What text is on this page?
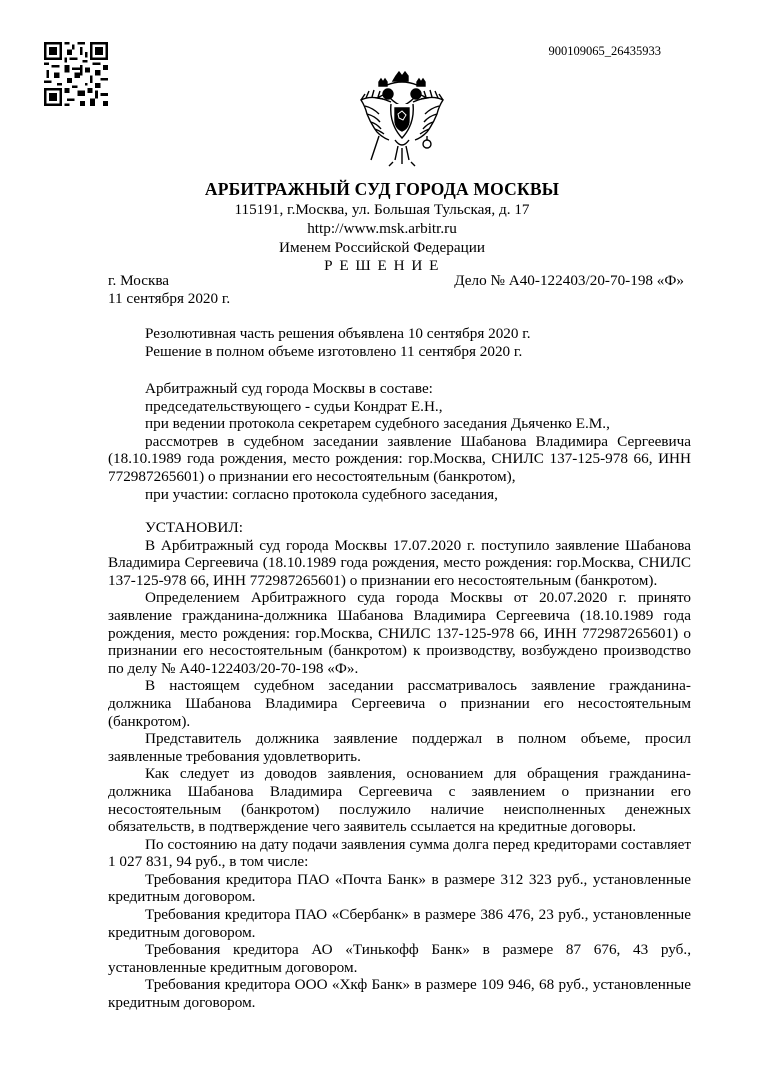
900109065_26435933
АРБИТРАЖНЫЙ СУД ГОРОДА МОСКВЫ
115191, г.Москва, ул. Большая Тульская, д. 17
http://www.msk.arbitr.ru
Именем Российской Федерации
Р Е Ш Е Н И Е
г. Москва	Дело № А40-122403/20-70-198 «Ф»
11 сентября 2020 г.

Резолютивная часть решения объявлена 10 сентября 2020 г.

Решение в полном объеме изготовлено 11 сентября 2020 г.

Арбитражный суд города Москвы в составе:

председательствующего - судьи Кондрат Е.Н.,

при ведении протокола секретарем судебного заседания Дьяченко Е.М.,

рассмотрев в судебном заседании заявление Шабанова Владимира Сергеевича (18.10.1989 года рождения, место рождения: гор.Москва, СНИЛС 137-125-978 66, ИНН 772987265601) о признании его несостоятельным (банкротом),

при участии: согласно протокола судебного заседания,

УСТАНОВИЛ:

В Арбитражный суд города Москвы 17.07.2020 г. поступило заявление Шабанова Владимира Сергеевича (18.10.1989 года рождения, место рождения: гор.Москва, СНИЛС 137-125-978 66, ИНН 772987265601) о признании его несостоятельным (банкротом).

Определением Арбитражного суда города Москвы от 20.07.2020 г. принято заявление гражданина-должника Шабанова Владимира Сергеевича (18.10.1989 года рождения, место рождения: гор.Москва, СНИЛС 137-125-978 66, ИНН 772987265601) о признании его несостоятельным (банкротом) к производству, возбуждено производство по делу № А40-122403/20-70-198 «Ф».

В настоящем судебном заседании рассматривалось заявление гражданина-должника Шабанова Владимира Сергеевича о признании его несостоятельным (банкротом).

Представитель должника заявление поддержал в полном объеме, просил заявленные требования удовлетворить.

Как следует из доводов заявления, основанием для обращения гражданина-должника Шабанова Владимира Сергеевича с заявлением о признании его несостоятельным (банкротом) послужило наличие неисполненных денежных обязательств, в подтверждение чего заявитель ссылается на кредитные договоры.

По состоянию на дату подачи заявления сумма долга перед кредиторами составляет 1 027 831, 94 руб., в том числе:

Требования кредитора ПАО «Почта Банк» в размере 312 323 руб., установленные кредитным договором.

Требования кредитора ПАО «Сбербанк» в размере 386 476, 23 руб., установленные кредитным договором.

Требования кредитора АО «Тинькофф Банк» в размере 87 676, 43 руб., установленные кредитным договором.

Требования кредитора ООО «Хкф Банк» в размере 109 946, 68 руб., установленные кредитным договором.
